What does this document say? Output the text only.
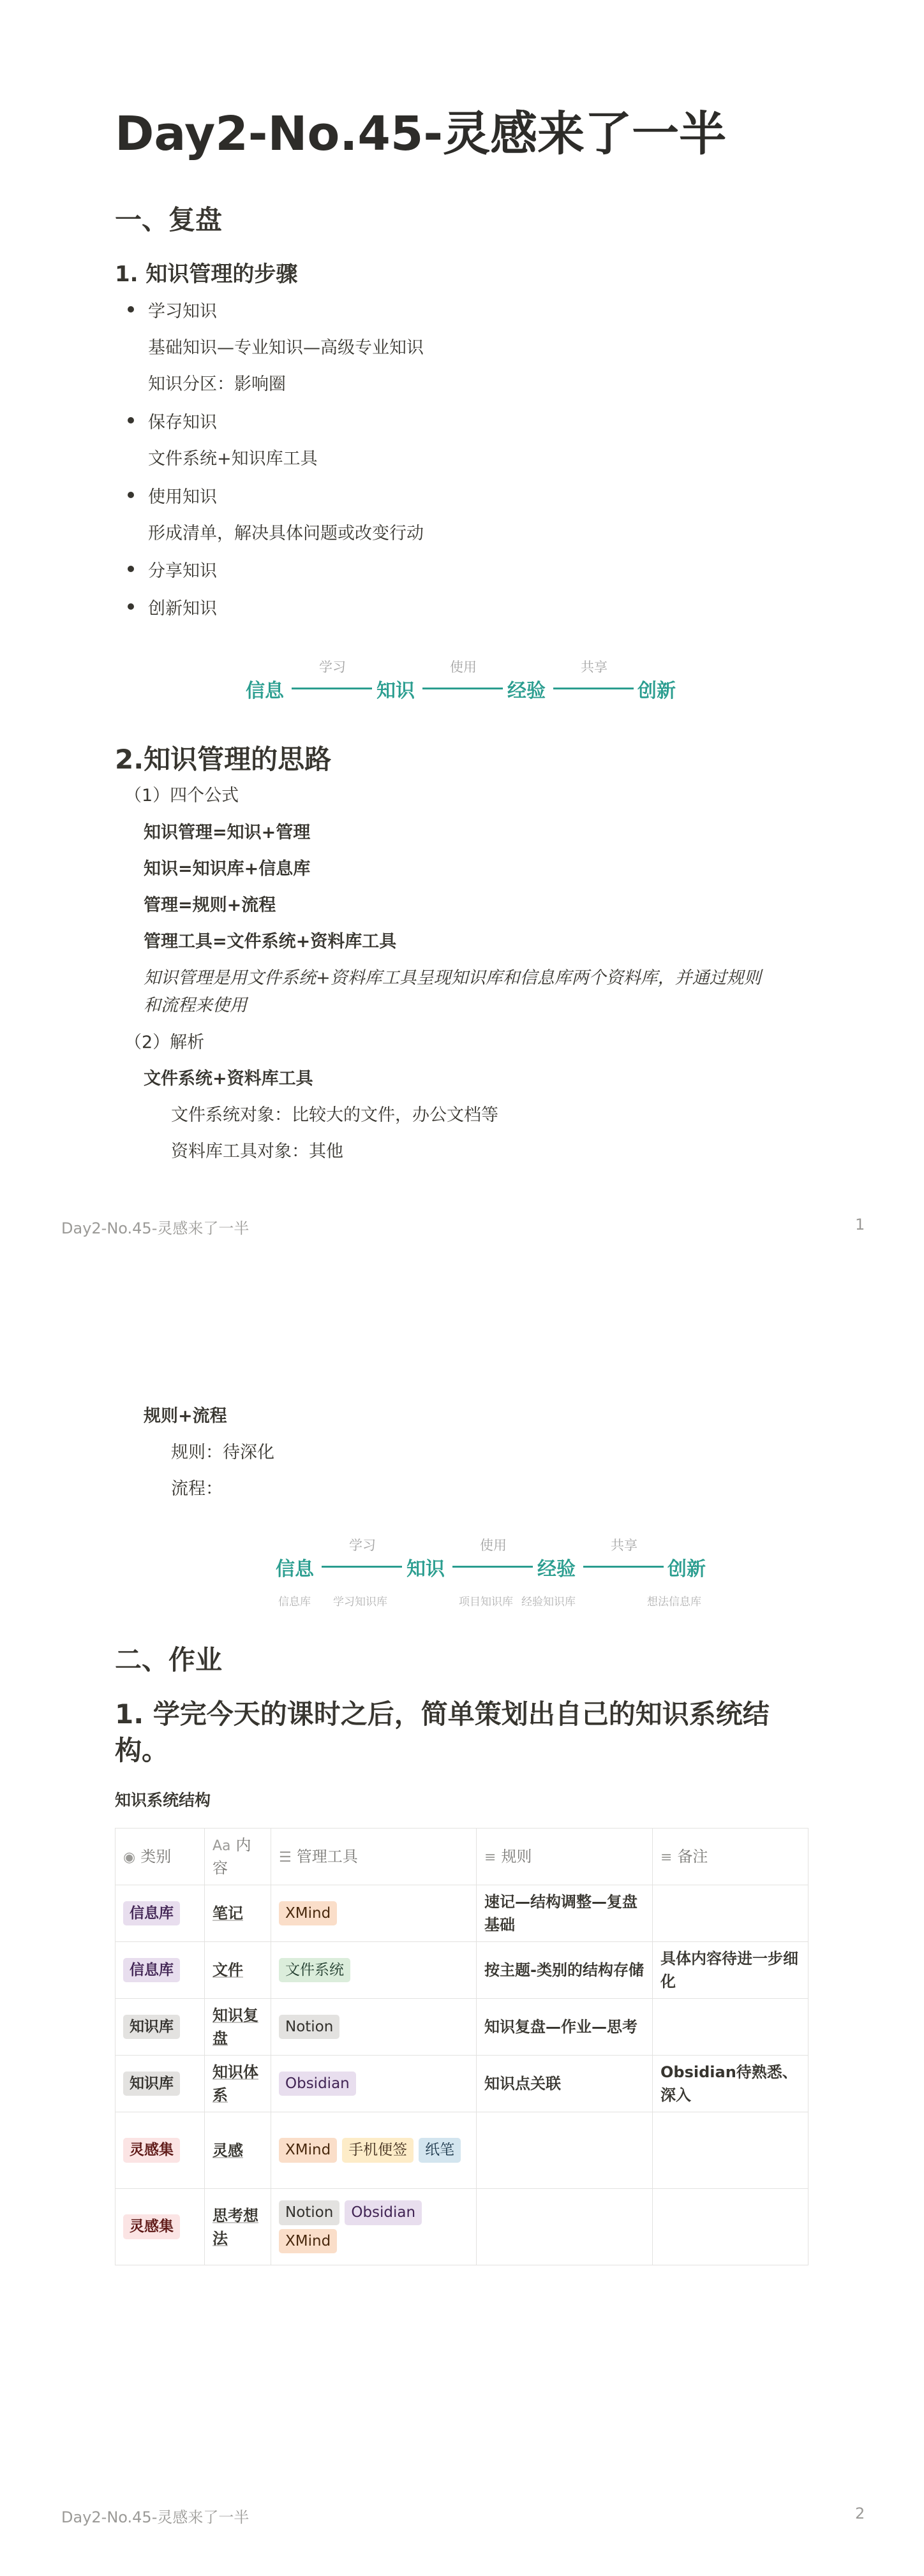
Day2-No.45-灵感来了一半
一、复盘
1. 知识管理的步骤
学习知识
基础知识—专业知识—高级专业知识
知识分区：影响圈
保存知识
文件系统+知识库工具
使用知识
形成清单，解决具体问题或改变行动
分享知识
创新知识
信息
学习
知识
使用
经验
共享
创新
2.知识管理的思路
（1）四个公式
知识管理=知识+管理
知识=知识库+信息库
管理=规则+流程
管理工具=文件系统+资料库工具
知识管理是用文件系统+资料库工具呈现知识库和信息库两个资料库，并通过规则
和流程来使用
（2）解析
文件系统+资料库工具
文件系统对象：比较大的文件，办公文档等
资料库工具对象：其他
Day2-No.45-灵感来了一半	1
规则+流程
规则：待深化
流程：
信息
学习
知识
使用
经验
共享
创新
信息库 学习知识库	项目知识库 经验知识库	想法信息库
二、作业
1. 学完今天的课时之后，简单策划出自己的知识系统结
构。
知识系统结构
◉ 类别	Aa 内容	☰ 管理工具	≡ 规则	≡ 备注
信息库	笔记	XMind	速记—结构调整—复盘基础	
信息库	文件	文件系统	按主题-类别的结构存储	具体内容待进一步细化
知识库	知识复盘	Notion	知识复盘—作业—思考	
知识库	知识体系	Obsidian	知识点关联	Obsidian待熟悉、深入
灵感集	灵感	XMind 手机便签 纸笔		
灵感集	思考想法	Notion ObsidianXMind		
Day2-No.45-灵感来了一半	2
